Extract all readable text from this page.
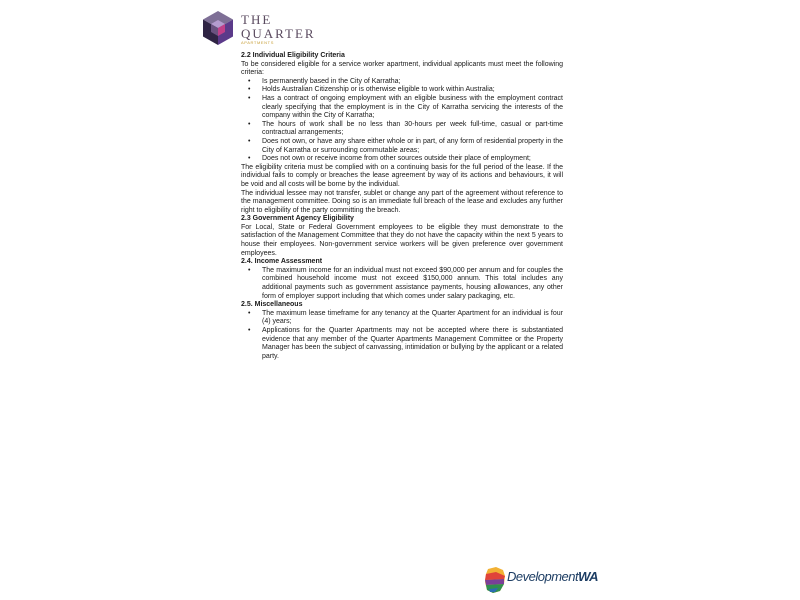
THE
QUARTER
APARTMENTS
2.2 Individual Eligibility Criteria

To be considered eligible for a service worker apartment, individual applicants must meet the following criteria:

• Is permanently based in the City of Karratha;
• Holds Australian Citizenship or is otherwise eligible to work within Australia;
• Has a contract of ongoing employment with an eligible business with the employment contract clearly specifying that the employment is in the City of Karratha servicing the interests of the company within the City of Karratha;
• The hours of work shall be no less than 30-hours per week full-time, casual or part-time contractual arrangements;
• Does not own, or have any share either whole or in part, of any form of residential property in the City of Karratha or surrounding commutable areas;
• Does not own or receive income from other sources outside their place of employment;

The eligibility criteria must be complied with on a continuing basis for the full period of the lease. If the individual fails to comply or breaches the lease agreement by way of its actions and behaviours, it will be void and all costs will be borne by the individual.

The individual lessee may not transfer, sublet or change any part of the agreement without reference to the management committee. Doing so is an immediate full breach of the lease and excludes any further right to eligibility of the party committing the breach.

2.3 Government Agency Eligibility

For Local, State or Federal Government employees to be eligible they must demonstrate to the satisfaction of the Management Committee that they do not have the capacity within the next 5 years to house their employees. Non-government service workers will be given preference over government employees.

2.4. Income Assessment
• The maximum income for an individual must not exceed $90,000 per annum and for couples the combined household income must not exceed $150,000 annum. This total includes any additional payments such as government assistance payments, housing allowances, any other form of employer support including that which comes under salary packaging, etc.
2.5. Miscellaneous
• The maximum lease timeframe for any tenancy at the Quarter Apartment for an individual is four (4) years;
• Applications for the Quarter Apartments may not be accepted where there is substantiated evidence that any member of the Quarter Apartments Management Committee or the Property Manager has been the subject of canvassing, intimidation or bullying by the applicant or a related party.
DevelopmentWA
